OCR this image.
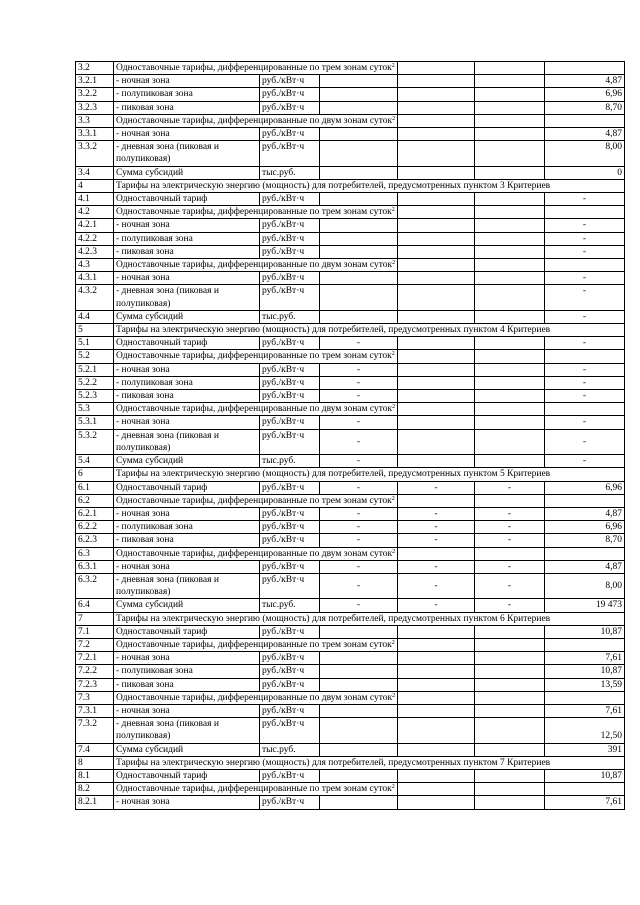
3.2	Одноставочные тарифы, дифференцированные по трем зонам суток$^2$			
3.2.1	- ночная зона	руб./кВт·ч				4,87
3.2.2	- полупиковая зона	руб./кВт·ч				6,96
3.2.3	- пиковая зона	руб./кВт·ч				8,70
3.3	Одноставочные тарифы, дифференцированные по двум зонам суток$^2$			
3.3.1	- ночная зона	руб./кВт·ч				4,87
3.3.2	- дневная зона (пиковая и полупиковая)	руб./кВт·ч				8,00
3.4	Сумма субсидий	тыс.руб.				0
4	Тарифы на электрическую энергию (мощность) для потребителей, предусмотренных пунктом 3 Критериев					
4.1	Одноставочный тариф	руб./кВт·ч				-
4.2	Одноставочные тарифы, дифференцированные по трем зонам суток$^2$			
4.2.1	- ночная зона	руб./кВт·ч				-
4.2.2	- полупиковая зона	руб./кВт·ч				-
4.2.3	- пиковая зона	руб./кВт·ч				-
4.3	Одноставочные тарифы, дифференцированные по двум зонам суток$^2$			
4.3.1	- ночная зона	руб./кВт·ч				-
4.3.2	- дневная зона (пиковая и полупиковая)	руб./кВт·ч				-
4.4	Сумма субсидий	тыс.руб.				-
5	Тарифы на электрическую энергию (мощность) для потребителей, предусмотренных пунктом 4 Критериев					
5.1	Одноставочный тариф	руб./кВт·ч	-			-
5.2	Одноставочные тарифы, дифференцированные по трем зонам суток$^2$			
5.2.1	- ночная зона	руб./кВт·ч	-			-
5.2.2	- полупиковая зона	руб./кВт·ч	-			-
5.2.3	- пиковая зона	руб./кВт·ч	-			-
5.3	Одноставочные тарифы, дифференцированные по двум зонам суток$^2$			
5.3.1	- ночная зона	руб./кВт·ч	-			-
5.3.2	- дневная зона (пиковая и полупиковая)	руб./кВт·ч	-			-
5.4	Сумма субсидий	тыс.руб.	-			-
6	Тарифы на электрическую энергию (мощность) для потребителей, предусмотренных пунктом 5 Критериев					
6.1	Одноставочный тариф	руб./кВт·ч	-	-	-	6,96
6.2	Одноставочные тарифы, дифференцированные по трем зонам суток$^2$			
6.2.1	- ночная зона	руб./кВт·ч	-	-	-	4,87
6.2.2	- полупиковая зона	руб./кВт·ч	-	-	-	6,96
6.2.3	- пиковая зона	руб./кВт·ч	-	-	-	8,70
6.3	Одноставочные тарифы, дифференцированные по двум зонам суток$^2$			
6.3.1	- ночная зона	руб./кВт·ч	-	-	-	4,87
6.3.2	- дневная зона (пиковая и полупиковая)	руб./кВт·ч	-	-	-	8,00
6.4	Сумма субсидий	тыс.руб.	-	-	-	19 473
7	Тарифы на электрическую энергию (мощность) для потребителей, предусмотренных пунктом 6 Критериев					
7.1	Одноставочный тариф	руб./кВт·ч				10,87
7.2	Одноставочные тарифы, дифференцированные по трем зонам суток$^2$			
7.2.1	- ночная зона	руб./кВт·ч				7,61
7.2.2	- полупиковая зона	руб./кВт·ч				10,87
7.2.3	- пиковая зона	руб./кВт·ч				13,59
7.3	Одноставочные тарифы, дифференцированные по двум зонам суток$^2$			
7.3.1	- ночная зона	руб./кВт·ч				7,61
7.3.2	- дневная зона (пиковая и полупиковая)	руб./кВт·ч				12,50
7.4	Сумма субсидий	тыс.руб.				391
8	Тарифы на электрическую энергию (мощность) для потребителей, предусмотренных пунктом 7 Критериев					
8.1	Одноставочный тариф	руб./кВт·ч				10,87
8.2	Одноставочные тарифы, дифференцированные по трем зонам суток$^2$			
8.2.1	- ночная зона	руб./кВт·ч				7,61
